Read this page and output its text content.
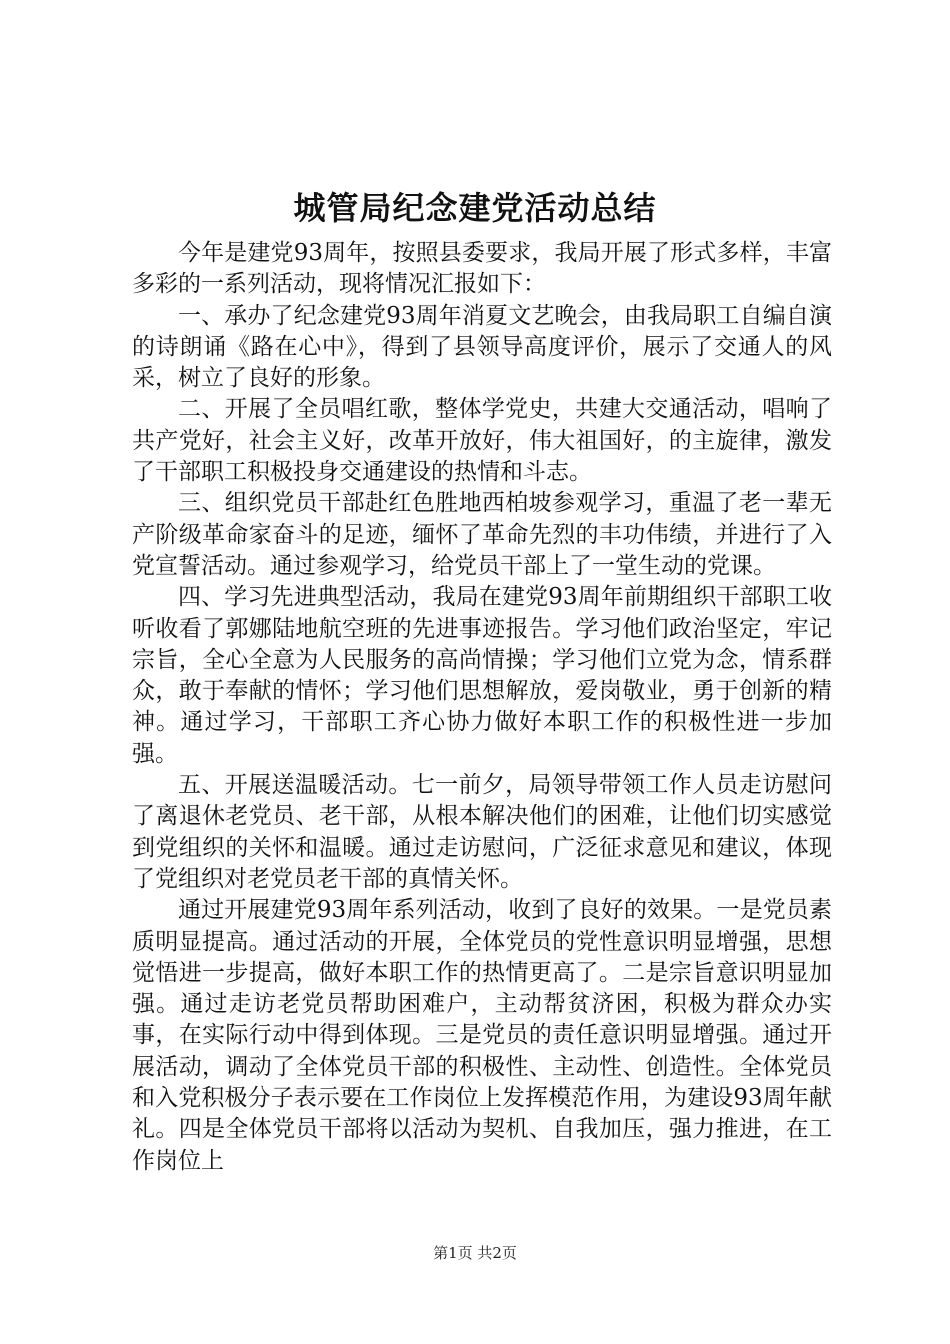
城管局纪念建党活动总结

今年是建党93周年，按照县委要求，我局开展了形式多样，丰富多彩的一系列活动，现将情况汇报如下：

一、承办了纪念建党93周年消夏文艺晚会，由我局职工自编自演的诗朗诵《路在心中》，得到了县领导高度评价，展示了交通人的风采，树立了良好的形象。

二、开展了全员唱红歌，整体学党史，共建大交通活动，唱响了共产党好，社会主义好，改革开放好，伟大祖国好，的主旋律，激发了干部职工积极投身交通建设的热情和斗志。

三、组织党员干部赴红色胜地西柏坡参观学习，重温了老一辈无产阶级革命家奋斗的足迹，缅怀了革命先烈的丰功伟绩，并进行了入党宣誓活动。通过参观学习，给党员干部上了一堂生动的党课。

四、学习先进典型活动，我局在建党93周年前期组织干部职工收听收看了郭娜陆地航空班的先进事迹报告。学习他们政治坚定，牢记宗旨，全心全意为人民服务的高尚情操；学习他们立党为念，情系群众，敢于奉献的情怀；学习他们思想解放，爱岗敬业，勇于创新的精神。通过学习，干部职工齐心协力做好本职工作的积极性进一步加强。

五、开展送温暖活动。七一前夕，局领导带领工作人员走访慰问了离退休老党员、老干部，从根本解决他们的困难，让他们切实感觉到党组织的关怀和温暖。通过走访慰问，广泛征求意见和建议，体现了党组织对老党员老干部的真情关怀。

通过开展建党93周年系列活动，收到了良好的效果。一是党员素质明显提高。通过活动的开展，全体党员的党性意识明显增强，思想觉悟进一步提高，做好本职工作的热情更高了。二是宗旨意识明显加强。通过走访老党员帮助困难户，主动帮贫济困，积极为群众办实事，在实际行动中得到体现。三是党员的责任意识明显增强。通过开展活动，调动了全体党员干部的积极性、主动性、创造性。全体党员和入党积极分子表示要在工作岗位上发挥模范作用，为建设93周年献礼。四是全体党员干部将以活动为契机、自我加压，强力推进，在工作岗位上

第1页 共2页
